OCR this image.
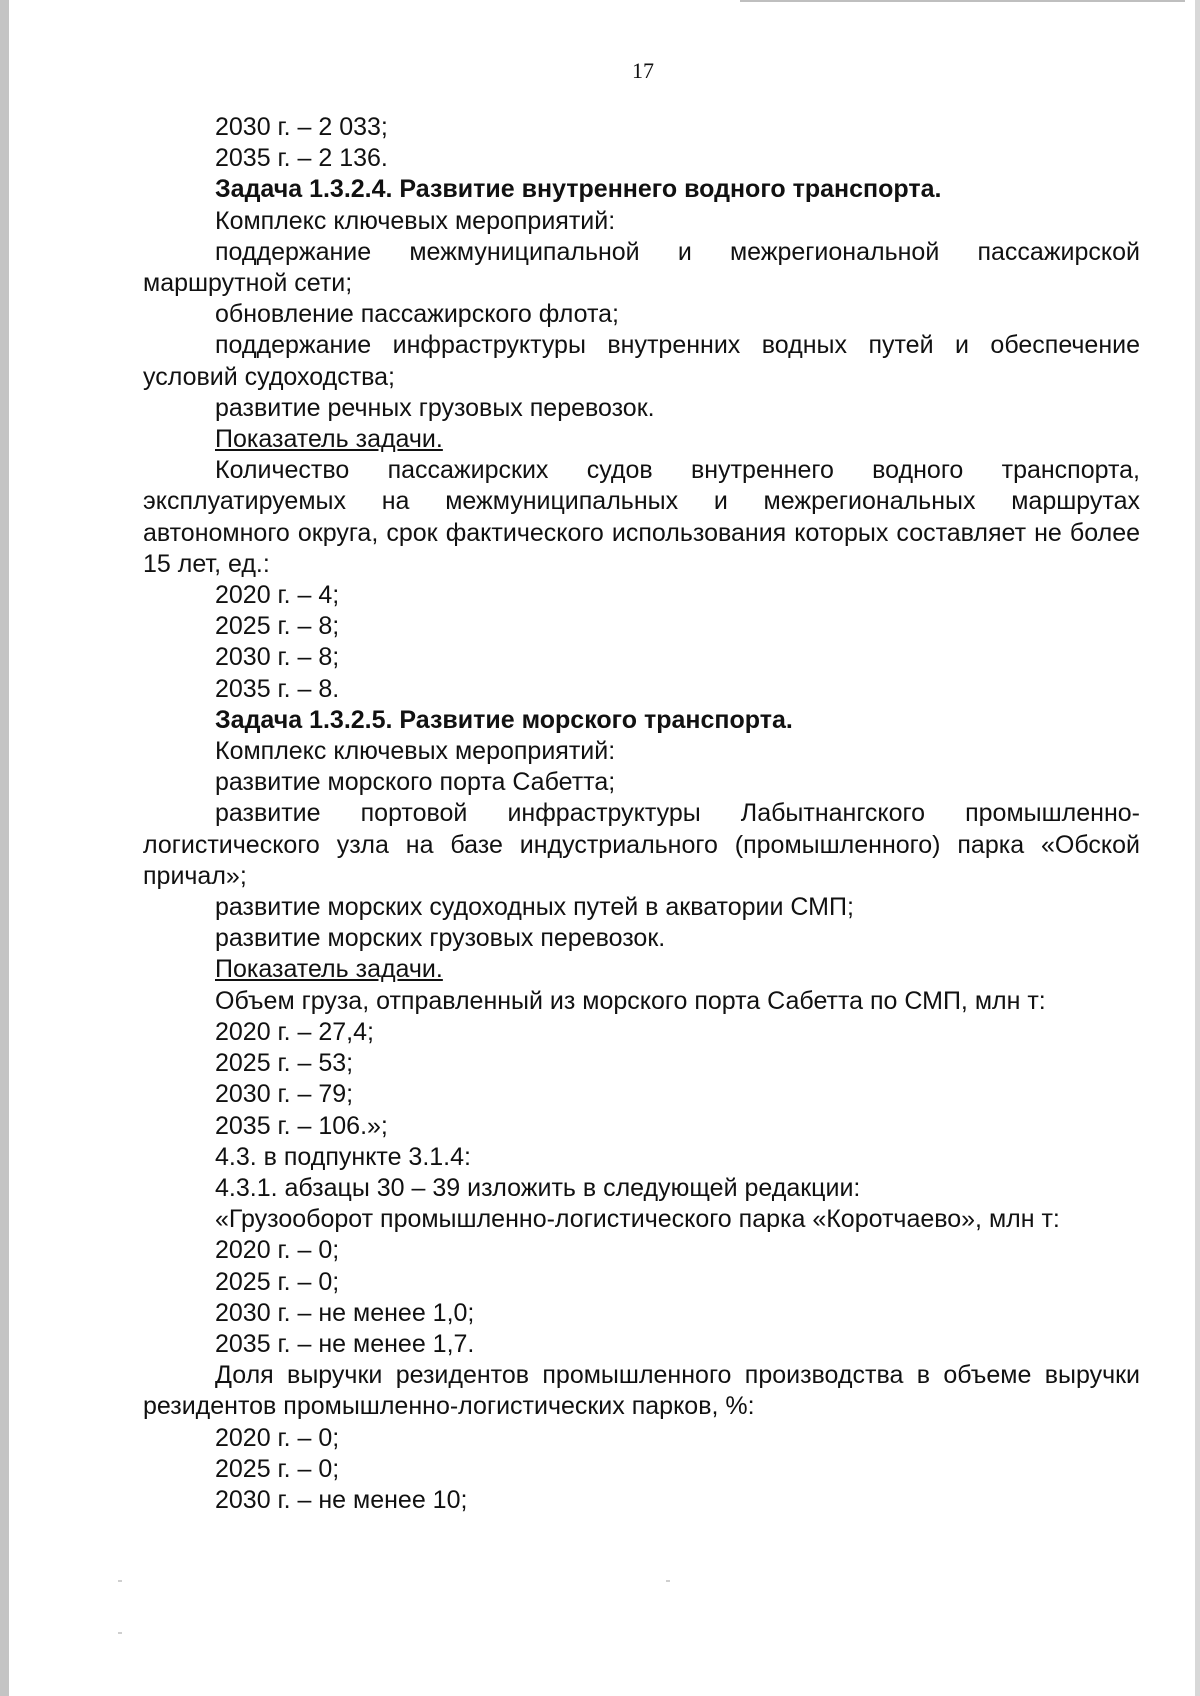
17

2030 г. – 2 033;

2035 г. – 2 136.

Задача 1.3.2.4. Развитие внутреннего водного транспорта.

Комплекс ключевых мероприятий:

поддержание межмуниципальной и межрегиональной пассажирской маршрутной сети;

обновление пассажирского флота;

поддержание инфраструктуры внутренних водных путей и обеспечение условий судоходства;

развитие речных грузовых перевозок.

Показатель задачи.

Количество пассажирских судов внутреннего водного транспорта, эксплуатируемых на межмуниципальных и межрегиональных маршрутах автономного округа, срок фактического использования которых составляет не более 15 лет, ед.:

2020 г. – 4;

2025 г. – 8;

2030 г. – 8;

2035 г. – 8.

Задача 1.3.2.5. Развитие морского транспорта.

Комплекс ключевых мероприятий:

развитие морского порта Сабетта;

развитие портовой инфраструктуры Лабытнангского промышленно-логистического узла на базе индустриального (промышленного) парка «Обской причал»;

развитие морских судоходных путей в акватории СМП;

развитие морских грузовых перевозок.

Показатель задачи.

Объем груза, отправленный из морского порта Сабетта по СМП, млн т:

2020 г. – 27,4;

2025 г. – 53;

2030 г. – 79;

2035 г. – 106.»;

4.3. в подпункте 3.1.4:

4.3.1. абзацы 30 – 39 изложить в следующей редакции:

«Грузооборот промышленно-логистического парка «Коротчаево», млн т:

2020 г. – 0;

2025 г. – 0;

2030 г. – не менее 1,0;

2035 г. – не менее 1,7.

Доля выручки резидентов промышленного производства в объеме выручки резидентов промышленно-логистических парков, %:

2020 г. – 0;

2025 г. – 0;

2030 г. – не менее 10;
